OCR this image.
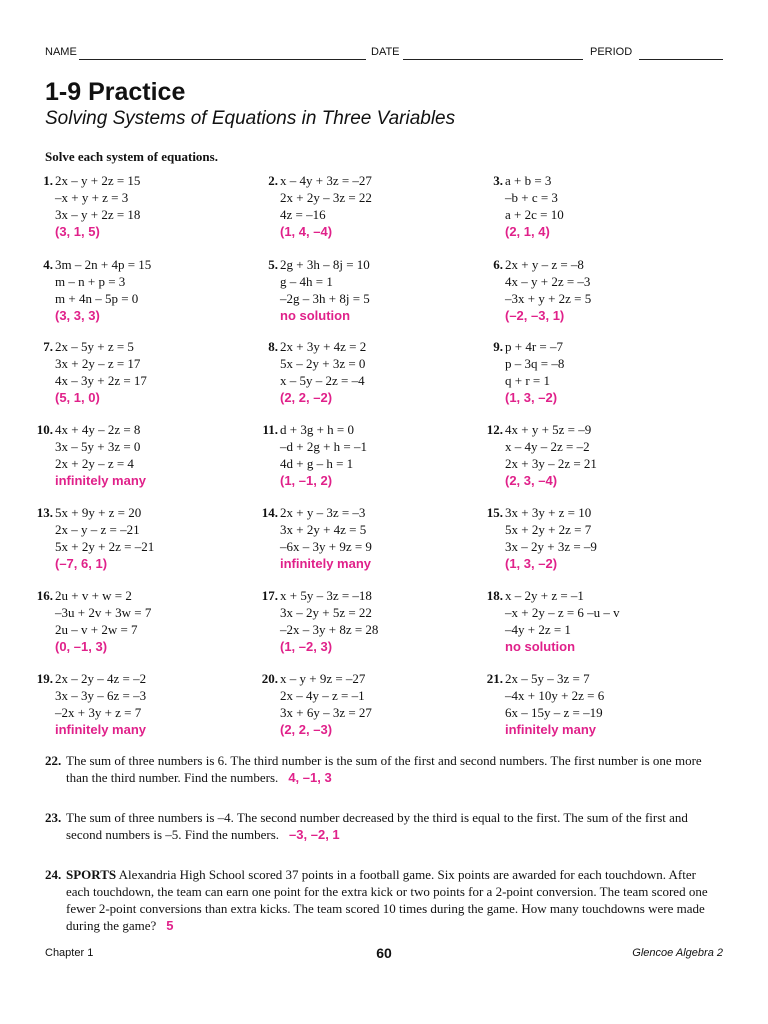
NAME	DATE	PERIOD
1-9 Practice
Solving Systems of Equations in Three Variables
Solve each system of equations.
1. 2x – y + 2z = 15
–x + y + z = 3
3x – y + 2z = 18
(3, 1, 5)
2. x – 4y + 3z = –27
2x + 2y – 3z = 22
4z = –16
(1, 4, –4)
3. a + b = 3
–b + c = 3
a + 2c = 10
(2, 1, 4)
4. 3m – 2n + 4p = 15
m – n + p = 3
m + 4n – 5p = 0
(3, 3, 3)
5. 2g + 3h – 8j = 10
g – 4h = 1
–2g – 3h + 8j = 5
no solution
6. 2x + y – z = –8
4x – y + 2z = –3
–3x + y + 2z = 5
(–2, –3, 1)
7. 2x – 5y + z = 5
3x + 2y – z = 17
4x – 3y + 2z = 17
(5, 1, 0)
8. 2x + 3y + 4z = 2
5x – 2y + 3z = 0
x – 5y – 2z = –4
(2, 2, –2)
9. p + 4r = –7
p – 3q = –8
q + r = 1
(1, 3, –2)
10. 4x + 4y – 2z = 8
3x – 5y + 3z = 0
2x + 2y – z = 4
infinitely many
11. d + 3g + h = 0
–d + 2g + h = –1
4d + g – h = 1
(1, –1, 2)
12. 4x + y + 5z = –9
x – 4y – 2z = –2
2x + 3y – 2z = 21
(2, 3, –4)
13. 5x + 9y + z = 20
2x – y – z = –21
5x + 2y + 2z = –21
(–7, 6, 1)
14. 2x + y – 3z = –3
3x + 2y + 4z = 5
–6x – 3y + 9z = 9
infinitely many
15. 3x + 3y + z = 10
5x + 2y + 2z = 7
3x – 2y + 3z = –9
(1, 3, –2)
16. 2u + v + w = 2
–3u + 2v + 3w = 7
2u – v + 2w = 7
(0, –1, 3)
17. x + 5y – 3z = –18
3x – 2y + 5z = 22
–2x – 3y + 8z = 28
(1, –2, 3)
18. x – 2y + z = –1
–x + 2y – z = 6 –u – v
–4y + 2z = 1
no solution
19. 2x – 2y – 4z = –2
3x – 3y – 6z = –3
–2x + 3y + z = 7
infinitely many
20. x – y + 9z = –27
2x – 4y – z = –1
3x + 6y – 3z = 27
(2, 2, –3)
21. 2x – 5y – 3z = 7
–4x + 10y + 2z = 6
6x – 15y – z = –19
infinitely many
22. The sum of three numbers is 6. The third number is the sum of the first and second numbers. The first number is one more than the third number. Find the numbers. 4, –1, 3
23. The sum of three numbers is –4. The second number decreased by the third is equal to the first. The sum of the first and second numbers is –5. Find the numbers. –3, –2, 1
24. SPORTS Alexandria High School scored 37 points in a football game. Six points are awarded for each touchdown. After each touchdown, the team can earn one point for the extra kick or two points for a 2-point conversion. The team scored one fewer 2-point conversions than extra kicks. The team scored 10 times during the game. How many touchdowns were made during the game? 5
Chapter 1	60	Glencoe Algebra 2
